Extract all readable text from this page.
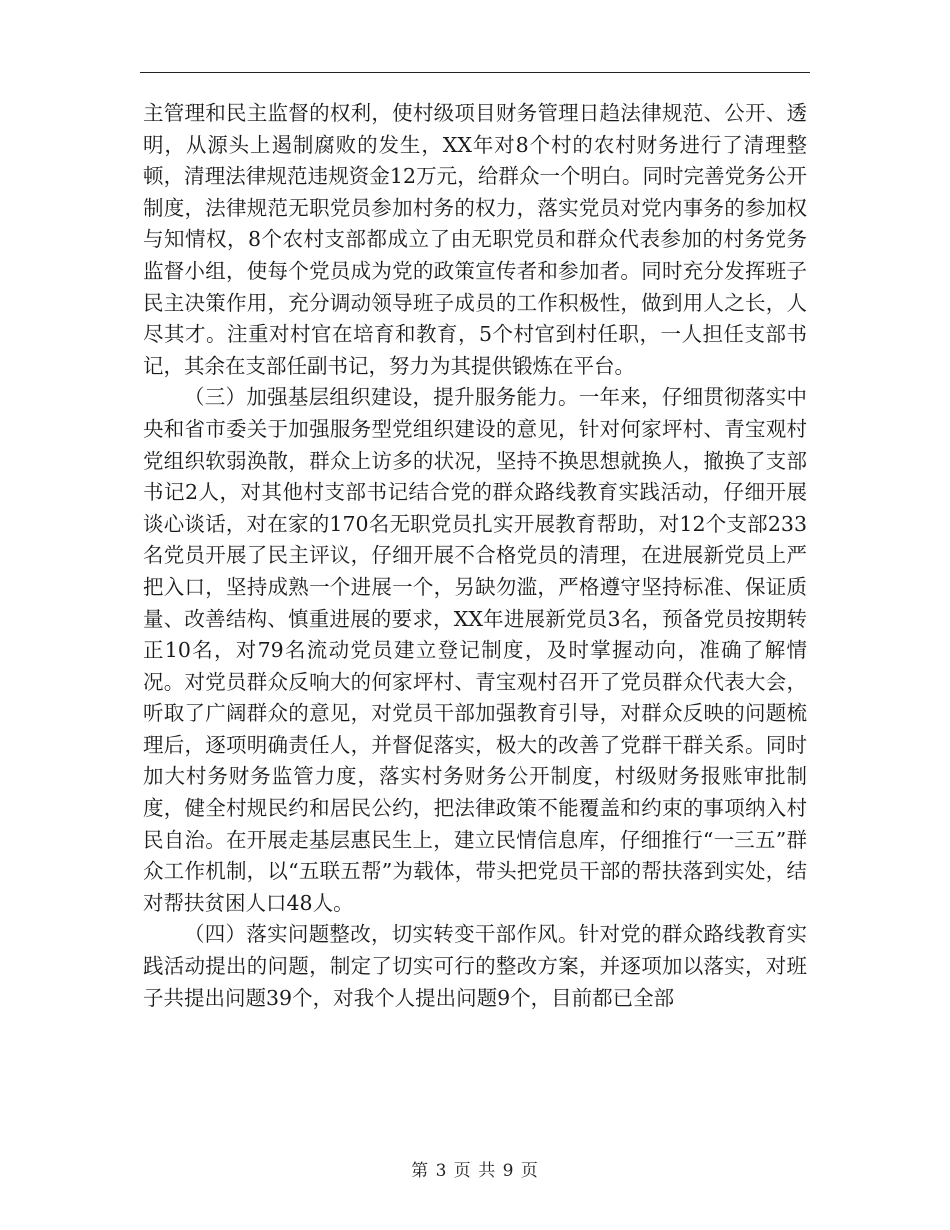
主管理和民主监督的权利，使村级项目财务管理日趋法律规范、公开、透明，从源头上遏制腐败的发生，XX年对8个村的农村财务进行了清理整顿，清理法律规范违规资金12万元，给群众一个明白。同时完善党务公开制度，法律规范无职党员参加村务的权力，落实党员对党内事务的参加权与知情权，8个农村支部都成立了由无职党员和群众代表参加的村务党务监督小组，使每个党员成为党的政策宣传者和参加者。同时充分发挥班子民主决策作用，充分调动领导班子成员的工作积极性，做到用人之长，人尽其才。注重对村官在培育和教育，5个村官到村任职，一人担任支部书记，其余在支部任副书记，努力为其提供锻炼在平台。

（三）加强基层组织建设，提升服务能力。一年来，仔细贯彻落实中央和省市委关于加强服务型党组织建设的意见，针对何家坪村、青宝观村党组织软弱涣散，群众上访多的状况，坚持不换思想就换人，撤换了支部书记2人，对其他村支部书记结合党的群众路线教育实践活动，仔细开展谈心谈话，对在家的170名无职党员扎实开展教育帮助，对12个支部233名党员开展了民主评议，仔细开展不合格党员的清理，在进展新党员上严把入口，坚持成熟一个进展一个，另缺勿滥，严格遵守坚持标准、保证质量、改善结构、慎重进展的要求，XX年进展新党员3名，预备党员按期转正10名，对79名流动党员建立登记制度，及时掌握动向，准确了解情况。对党员群众反响大的何家坪村、青宝观村召开了党员群众代表大会，听取了广阔群众的意见，对党员干部加强教育引导，对群众反映的问题梳理后，逐项明确责任人，并督促落实，极大的改善了党群干群关系。同时加大村务财务监管力度，落实村务财务公开制度，村级财务报账审批制度，健全村规民约和居民公约，把法律政策不能覆盖和约束的事项纳入村民自治。在开展走基层惠民生上，建立民情信息库，仔细推行“一三五”群众工作机制，以“五联五帮”为载体，带头把党员干部的帮扶落到实处，结对帮扶贫困人口48人。

（四）落实问题整改，切实转变干部作风。针对党的群众路线教育实践活动提出的问题，制定了切实可行的整改方案，并逐项加以落实，对班子共提出问题39个，对我个人提出问题9个，目前都已全部

第 3 页 共 9 页
